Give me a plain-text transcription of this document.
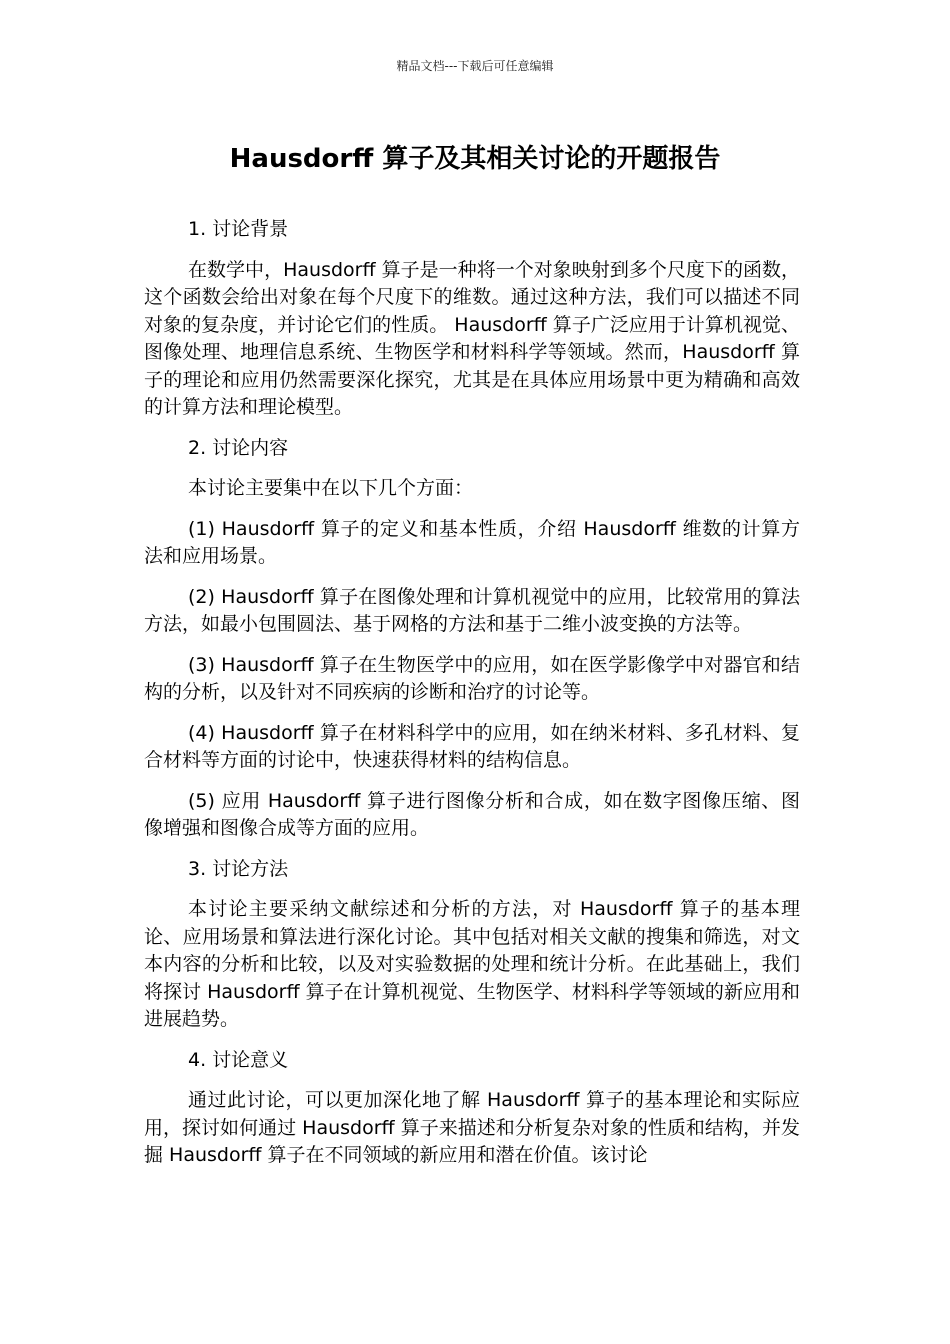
精品文档---下载后可任意编辑
Hausdorff 算子及其相关讨论的开题报告

1. 讨论背景

在数学中，Hausdorff 算子是一种将一个对象映射到多个尺度下的函数，这个函数会给出对象在每个尺度下的维数。通过这种方法，我们可以描述不同对象的复杂度，并讨论它们的性质。 Hausdorff 算子广泛应用于计算机视觉、图像处理、地理信息系统、生物医学和材料科学等领域。然而，Hausdorff 算子的理论和应用仍然需要深化探究，尤其是在具体应用场景中更为精确和高效的计算方法和理论模型。

2. 讨论内容

本讨论主要集中在以下几个方面：

(1) Hausdorff 算子的定义和基本性质，介绍 Hausdorff 维数的计算方法和应用场景。

(2) Hausdorff 算子在图像处理和计算机视觉中的应用，比较常用的算法方法，如最小包围圆法、基于网格的方法和基于二维小波变换的方法等。

(3) Hausdorff 算子在生物医学中的应用，如在医学影像学中对器官和结构的分析，以及针对不同疾病的诊断和治疗的讨论等。

(4) Hausdorff 算子在材料科学中的应用，如在纳米材料、多孔材料、复合材料等方面的讨论中，快速获得材料的结构信息。

(5) 应用 Hausdorff 算子进行图像分析和合成，如在数字图像压缩、图像增强和图像合成等方面的应用。

3. 讨论方法

本讨论主要采纳文献综述和分析的方法，对 Hausdorff 算子的基本理论、应用场景和算法进行深化讨论。其中包括对相关文献的搜集和筛选，对文本内容的分析和比较，以及对实验数据的处理和统计分析。在此基础上，我们将探讨 Hausdorff 算子在计算机视觉、生物医学、材料科学等领域的新应用和进展趋势。

4. 讨论意义

通过此讨论，可以更加深化地了解 Hausdorff 算子的基本理论和实际应用，探讨如何通过 Hausdorff 算子来描述和分析复杂对象的性质和结构，并发掘 Hausdorff 算子在不同领域的新应用和潜在价值。该讨论
